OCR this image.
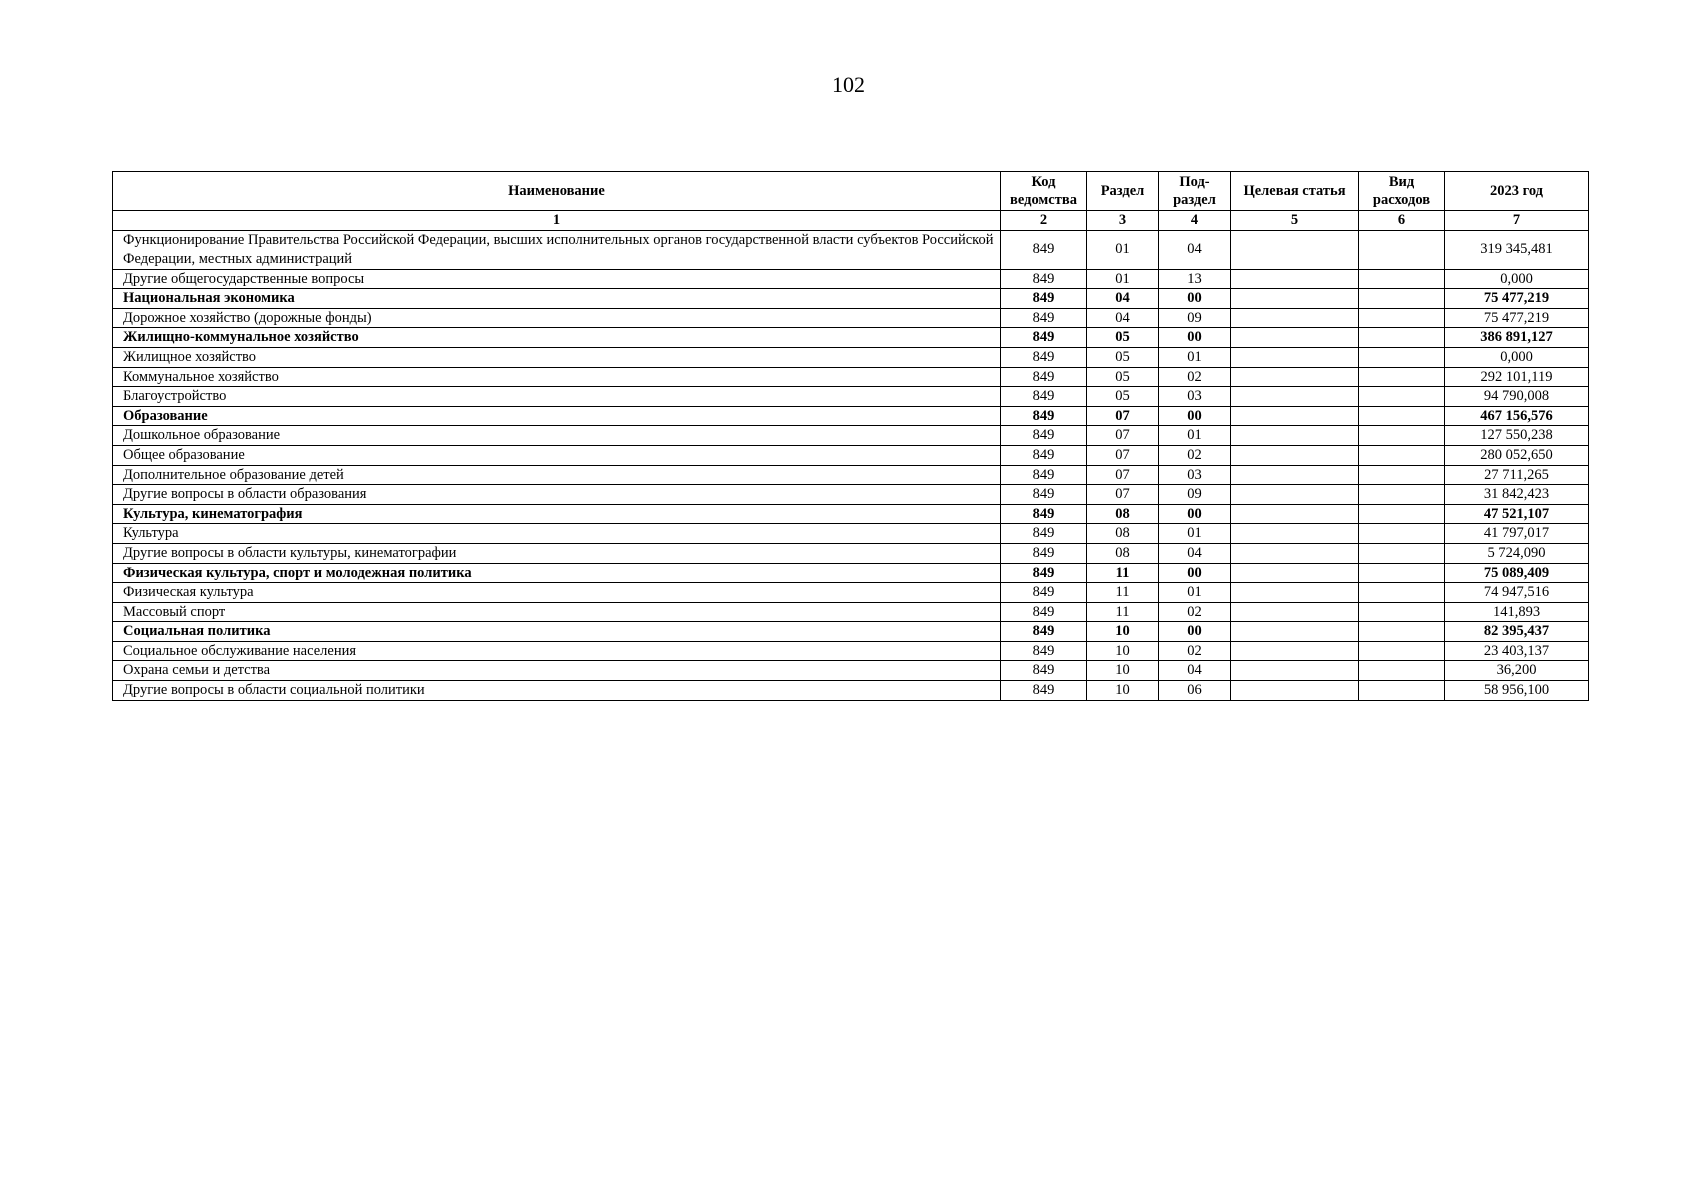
102
Наименование	Код ведомства	Раздел	Под-раздел	Целевая статья	Вид расходов	2023 год
1	2	3	4	5	6	7
Функционирование Правительства Российской Федерации, высших исполнительных органов государственной власти субъектов Российской Федерации, местных администраций	849	01	04			319 345,481
Другие общегосударственные вопросы	849	01	13			0,000
Национальная экономика	849	04	00			75 477,219
Дорожное хозяйство (дорожные фонды)	849	04	09			75 477,219
Жилищно-коммунальное хозяйство	849	05	00			386 891,127
Жилищное хозяйство	849	05	01			0,000
Коммунальное хозяйство	849	05	02			292 101,119
Благоустройство	849	05	03			94 790,008
Образование	849	07	00			467 156,576
Дошкольное образование	849	07	01			127 550,238
Общее образование	849	07	02			280 052,650
Дополнительное образование детей	849	07	03			27 711,265
Другие вопросы в области образования	849	07	09			31 842,423
Культура, кинематография	849	08	00			47 521,107
Культура	849	08	01			41 797,017
Другие вопросы в области культуры, кинематографии	849	08	04			5 724,090
Физическая культура, спорт и молодежная политика	849	11	00			75 089,409
Физическая культура	849	11	01			74 947,516
Массовый спорт	849	11	02			141,893
Социальная политика	849	10	00			82 395,437
Социальное обслуживание населения	849	10	02			23 403,137
Охрана семьи и детства	849	10	04			36,200
Другие вопросы в области социальной политики	849	10	06			58 956,100
